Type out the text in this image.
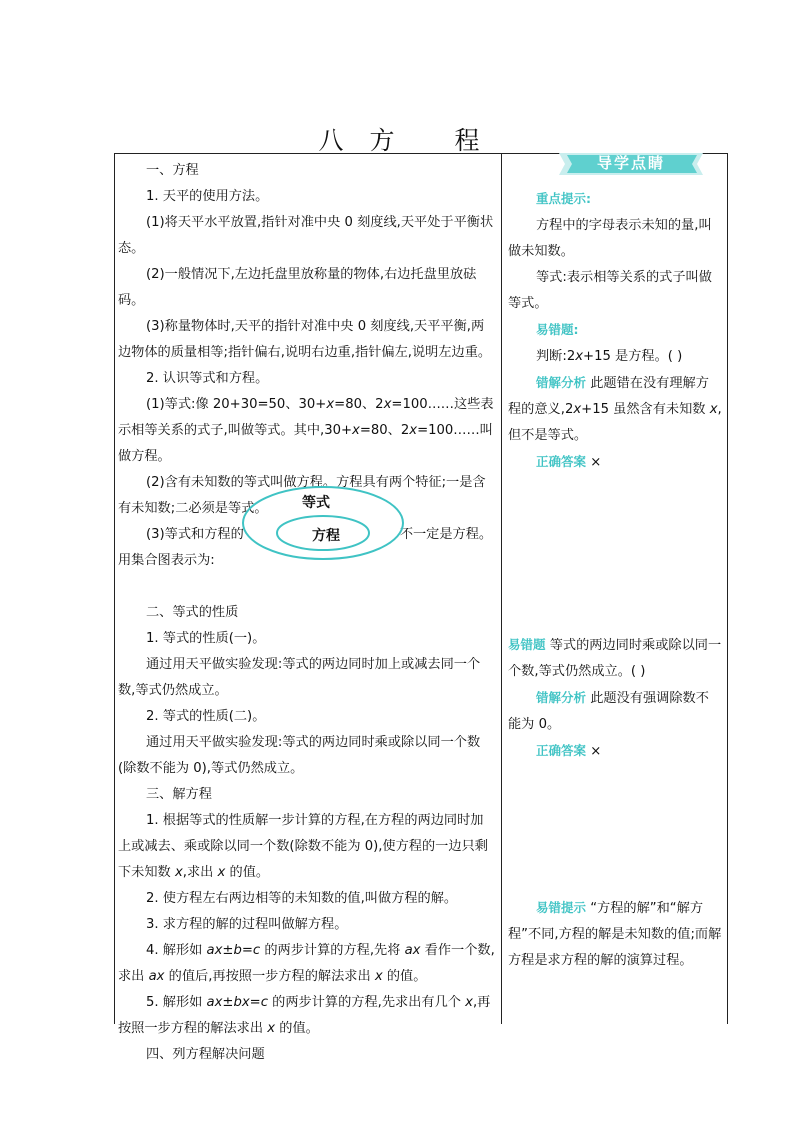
八 方 程
导学点睛

一、方程

1. 天平的使用方法。

(1)将天平水平放置,指针对准中央 0 刻度线,天平处于平衡状态。

(2)一般情况下,左边托盘里放称量的物体,右边托盘里放砝码。

(3)称量物体时,天平的指针对准中央 0 刻度线,天平平衡,两边物体的质量相等;指针偏右,说明右边重,指针偏左,说明左边重。

2. 认识等式和方程。

(1)等式:像 20+30=50、30+x=80、2x=100……这些表示相等关系的式子,叫做等式。其中,30+x=80、2x=100……叫做方程。

(2)含有未知数的等式叫做方程。方程具有两个特征;一是含有未知数;二必须是等式。

(3)等式和方程的	不一定是方程。

用集合图表示为:

二、等式的性质

1. 等式的性质(一)。

通过用天平做实验发现:等式的两边同时加上或减去同一个数,等式仍然成立。

2. 等式的性质(二)。

通过用天平做实验发现:等式的两边同时乘或除以同一个数(除数不能为 0),等式仍然成立。

三、解方程

1. 根据等式的性质解一步计算的方程,在方程的两边同时加上或减去、乘或除以同一个数(除数不能为 0),使方程的一边只剩下未知数 x,求出 x 的值。

2. 使方程左右两边相等的未知数的值,叫做方程的解。

3. 求方程的解的过程叫做解方程。

4. 解形如 ax±b=c 的两步计算的方程,先将 ax 看作一个数,求出 ax 的值后,再按照一步方程的解法求出 x 的值。

5. 解形如 ax±bx=c 的两步计算的方程,先求出有几个 x,再按照一步方程的解法求出 x 的值。

四、列方程解决问题

等式
方程

重点提示:

方程中的字母表示未知的量,叫做未知数。

等式:表示相等关系的式子叫做等式。

易错题:

判断:2x+15 是方程。( )

错解分析 此题错在没有理解方程的意义,2x+15 虽然含有未知数 x,但不是等式。

正确答案 ×

易错题 等式的两边同时乘或除以同一个数,等式仍然成立。( )

错解分析 此题没有强调除数不能为 0。

正确答案 ×

易错提示 “方程的解”和“解方程”不同,方程的解是未知数的值;而解方程是求方程的解的演算过程。
